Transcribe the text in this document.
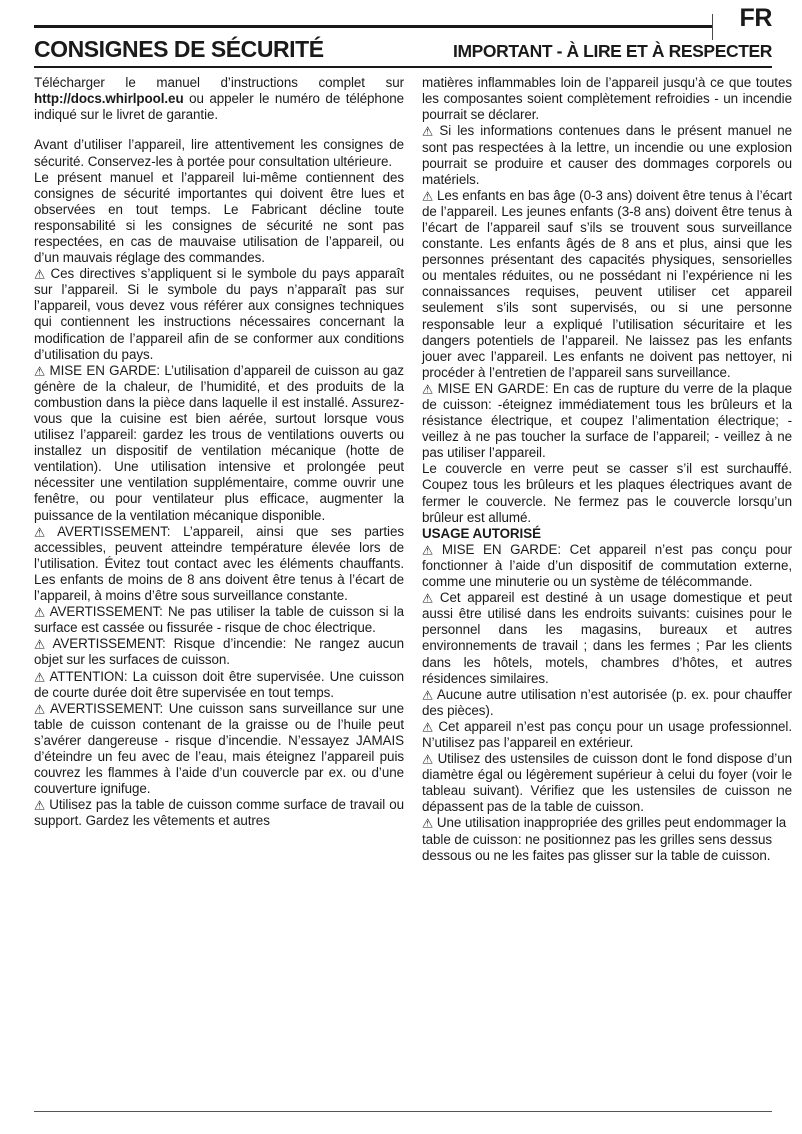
FR
CONSIGNES DE SÉCURITÉ	IMPORTANT - À LIRE ET À RESPECTER

Télécharger le manuel d’instructions complet sur http://docs.whirlpool.eu ou appeler le numéro de téléphone indiqué sur le livret de garantie.

Avant d’utiliser l’appareil, lire attentivement les consignes de sécurité. Conservez-les à portée pour consultation ultérieure.

Le présent manuel et l’appareil lui-même contiennent des consignes de sécurité importantes qui doivent être lues et observées en tout temps. Le Fabricant décline toute responsabilité si les consignes de sécurité ne sont pas respectées, en cas de mauvaise utilisation de l’appareil, ou d’un mauvais réglage des commandes.

⚠ Ces directives s’appliquent si le symbole du pays apparaît sur l’appareil. Si le symbole du pays n’apparaît pas sur l’appareil, vous devez vous référer aux consignes techniques qui contiennent les instructions nécessaires concernant la modification de l’appareil afin de se conformer aux conditions d’utilisation du pays.

⚠ MISE EN GARDE: L’utilisation d’appareil de cuisson au gaz génère de la chaleur, de l’humidité, et des produits de la combustion dans la pièce dans laquelle il est installé. Assurez-vous que la cuisine est bien aérée, surtout lorsque vous utilisez l’appareil: gardez les trous de ventilations ouverts ou installez un dispositif de ventilation mécanique (hotte de ventilation). Une utilisation intensive et prolongée peut nécessiter une ventilation supplémentaire, comme ouvrir une fenêtre, ou pour ventilateur plus efficace, augmenter la puissance de la ventilation mécanique disponible.

⚠ AVERTISSEMENT: L’appareil, ainsi que ses parties accessibles, peuvent atteindre température élevée lors de l’utilisation. Évitez tout contact avec les éléments chauffants. Les enfants de moins de 8 ans doivent être tenus à l’écart de l’appareil, à moins d’être sous surveillance constante.

⚠ AVERTISSEMENT: Ne pas utiliser la table de cuisson si la surface est cassée ou fissurée - risque de choc électrique.

⚠ AVERTISSEMENT: Risque d’incendie: Ne rangez aucun objet sur les surfaces de cuisson.

⚠ ATTENTION: La cuisson doit être supervisée. Une cuisson de courte durée doit être supervisée en tout temps.

⚠ AVERTISSEMENT: Une cuisson sans surveillance sur une table de cuisson contenant de la graisse ou de l’huile peut s’avérer dangereuse - risque d’incendie. N’essayez JAMAIS d’éteindre un feu avec de l’eau, mais éteignez l’appareil puis couvrez les flammes à l’aide d’un couvercle par ex. ou d’une couverture ignifuge.

⚠ Utilisez pas la table de cuisson comme surface de travail ou support. Gardez les vêtements et autres

matières inflammables loin de l’appareil jusqu’à ce que toutes les composantes soient complètement refroidies - un incendie pourrait se déclarer.

⚠ Si les informations contenues dans le présent manuel ne sont pas respectées à la lettre, un incendie ou une explosion pourrait se produire et causer des dommages corporels ou matériels.

⚠ Les enfants en bas âge (0-3 ans) doivent être tenus à l’écart de l’appareil. Les jeunes enfants (3-8 ans) doivent être tenus à l’écart de l’appareil sauf s’ils se trouvent sous surveillance constante. Les enfants âgés de 8 ans et plus, ainsi que les personnes présentant des capacités physiques, sensorielles ou mentales réduites, ou ne possédant ni l’expérience ni les connaissances requises, peuvent utiliser cet appareil seulement s’ils sont supervisés, ou si une personne responsable leur a expliqué l’utilisation sécuritaire et les dangers potentiels de l’appareil. Ne laissez pas les enfants jouer avec l’appareil. Les enfants ne doivent pas nettoyer, ni procéder à l’entretien de l’appareil sans surveillance.

⚠ MISE EN GARDE: En cas de rupture du verre de la plaque de cuisson: -éteignez immédiatement tous les brûleurs et la résistance électrique, et coupez l’alimentation électrique; - veillez à ne pas toucher la surface de l’appareil; - veillez à ne pas utiliser l’appareil.

Le couvercle en verre peut se casser s’il est surchauffé. Coupez tous les brûleurs et les plaques électriques avant de fermer le couvercle. Ne fermez pas le couvercle lorsqu’un brûleur est allumé.

USAGE AUTORISÉ

⚠ MISE EN GARDE: Cet appareil n’est pas conçu pour fonctionner à l’aide d’un dispositif de commutation externe, comme une minuterie ou un système de télécommande.

⚠ Cet appareil est destiné à un usage domestique et peut aussi être utilisé dans les endroits suivants: cuisines pour le personnel dans les magasins, bureaux et autres environnements de travail ; dans les fermes ; Par les clients dans les hôtels, motels, chambres d’hôtes, et autres résidences similaires.

⚠ Aucune autre utilisation n’est autorisée (p. ex. pour chauffer des pièces).

⚠ Cet appareil n’est pas conçu pour un usage professionnel. N’utilisez pas l’appareil en extérieur.

⚠ Utilisez des ustensiles de cuisson dont le fond dispose d’un diamètre égal ou légèrement supérieur à celui du foyer (voir le tableau suivant). Vérifiez que les ustensiles de cuisson ne dépassent pas de la table de cuisson.

⚠ Une utilisation inappropriée des grilles peut endommager la table de cuisson: ne positionnez pas les grilles sens dessus dessous ou ne les faites pas glisser sur la table de cuisson.
